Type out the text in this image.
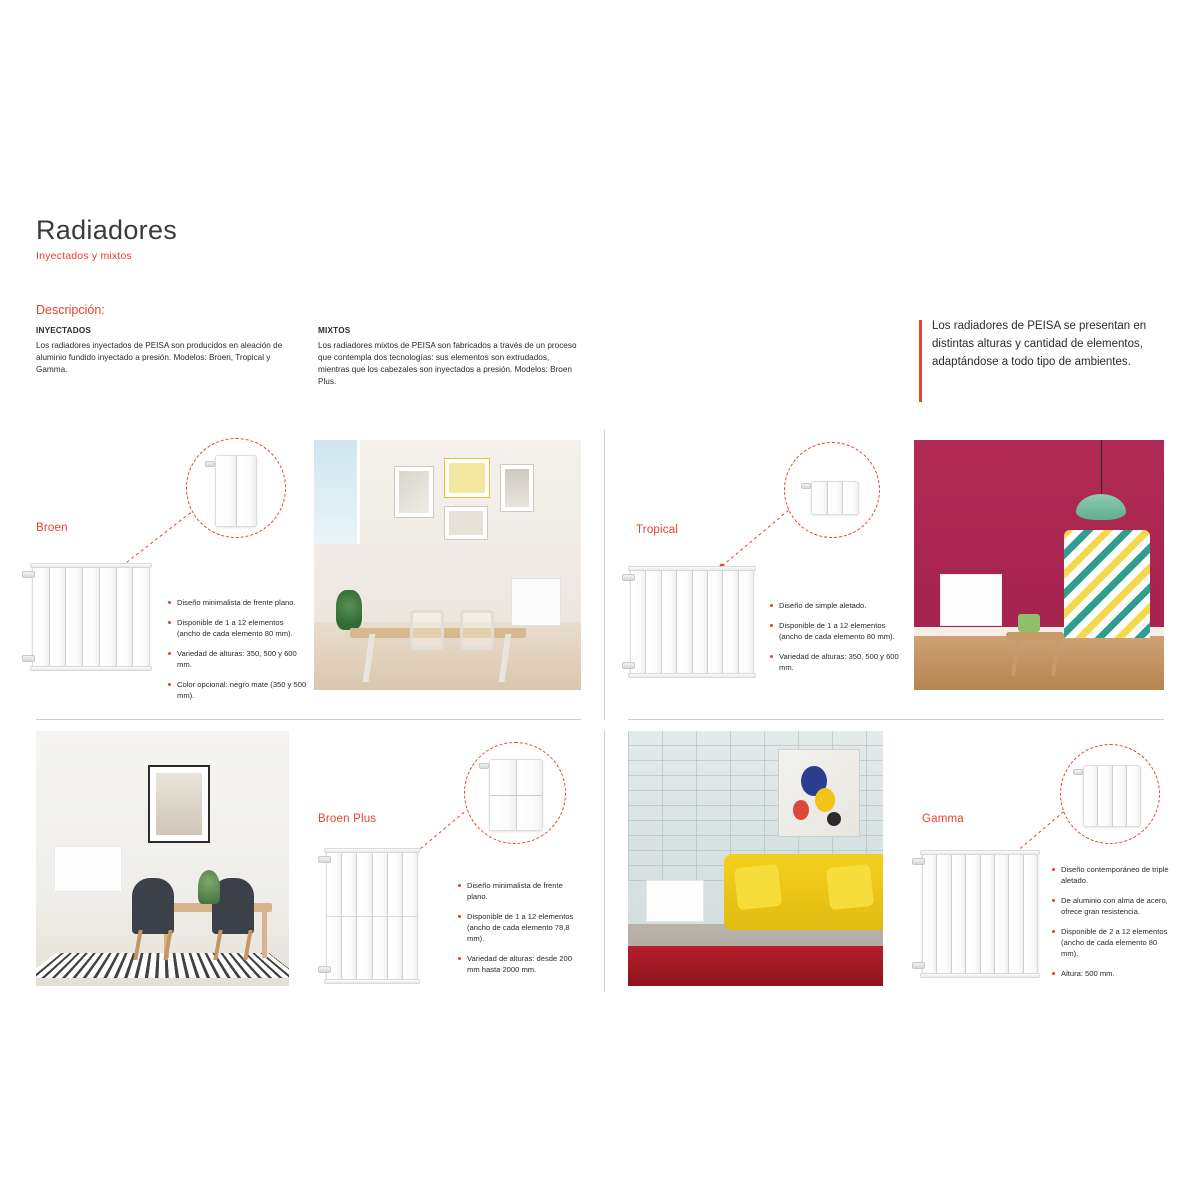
Radiadores
Inyectados y mixtos
Descripción:
INYECTADOS
Los radiadores inyectados de PEISA son producidos en aleación de aluminio fundido inyectado a presión. Modelos: Broen, Tropical y Gamma.
MIXTOS
Los radiadores mixtos de PEISA son fabricados a través de un proceso que contempla dos tecnologías: sus elementos son extrudados, mientras que los cabezales son inyectados a presión. Modelos: Broen Plus.
Los radiadores de PEISA se presentan en distintas alturas y cantidad de elementos, adaptándose a todo tipo de ambientes.
Broen
Diseño minimalista de frente plano.
Disponible de 1 a 12 elementos (ancho de cada elemento 80 mm).
Variedad de alturas: 350, 500 y 600 mm.
Color opcional: negro mate (350 y 500 mm).
Tropical
Diseño de simple aletado.
Disponible de 1 a 12 elementos (ancho de cada elemento 80 mm).
Variedad de alturas: 350, 500 y 600 mm.
Broen Plus
Diseño minimalista de frente plano.
Disponible de 1 a 12 elementos (ancho de cada elemento 78,8 mm).
Variedad de alturas: desde 200 mm hasta 2000 mm.
Gamma
Diseño contemporáneo de triple aletado.
De aluminio con alma de acero, ofrece gran resistencia.
Disponible de 2 a 12 elementos (ancho de cada elemento 80 mm).
Altura: 500 mm.
